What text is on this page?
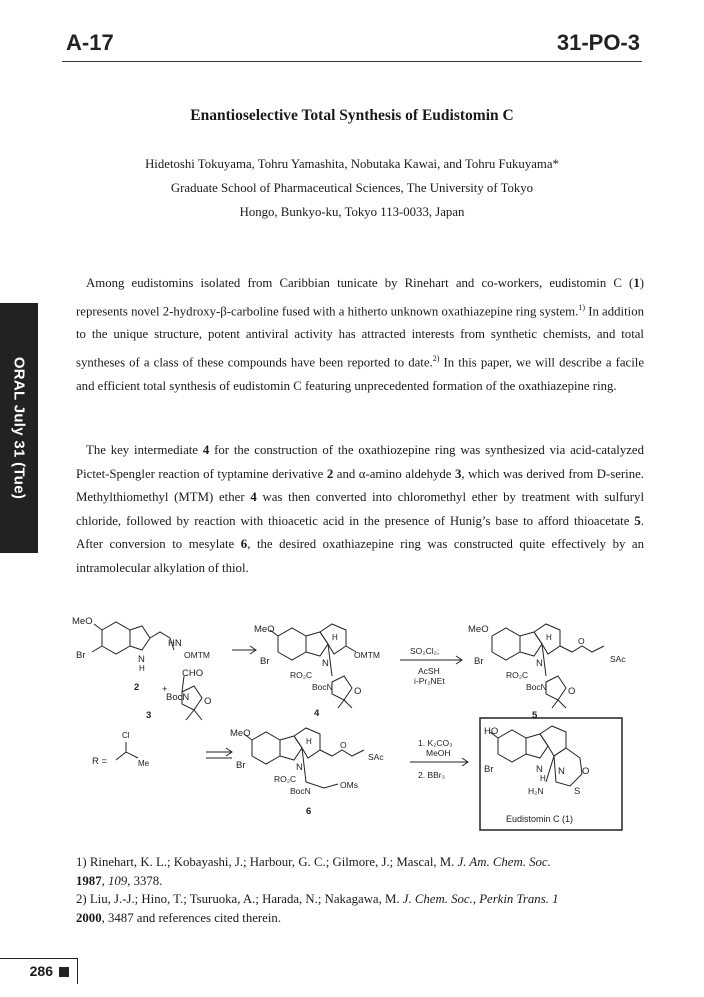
A-17	31-PO-3
Enantioselective Total Synthesis of Eudistomin C
Hidetoshi Tokuyama, Tohru Yamashita, Nobutaka Kawai, and Tohru Fukuyama*
Graduate School of Pharmaceutical Sciences, The University of Tokyo
Hongo, Bunkyo-ku, Tokyo 113-0033, Japan
ORAL July 31 (Tue)

Among eudistomins isolated from Caribbian tunicate by Rinehart and co-workers, eudistomin C (1) represents novel 2-hydroxy-β-carboline fused with a hitherto unknown oxathiazepine ring system.$^{1)}$ In addition to the unique structure, potent antiviral activity has attracted interests from synthetic chemists, and total syntheses of a class of these compounds have been reported to date.$^{2)}$ In this paper, we will describe a facile and efficient total synthesis of eudistomin C featuring unprecedented formation of the oxathiazepine ring.

The key intermediate 4 for the construction of the oxathiozepine ring was synthesized via acid-catalyzed Pictet-Spengler reaction of typtamine derivative 2 and α-amino aldehyde 3, which was derived from D-serine. Methylthiomethyl (MTM) ether 4 was then converted into chloromethyl ether by treatment with sulfuryl chloride, followed by reaction with thioacetic acid in the presence of Hunig’s base to afford thioacetate 5. After conversion to mesylate 6, the desired oxathiazepine ring was constructed quite effectively by an intramolecular alkylation of thiol.

MeO
Br	N
H
HN
OMTM
2 +
CHO
BocN O
3
MeO
Br	N
H
OMTM
RO₂C
BocN O
4
SO₂Cl₂;
AcSH
i-Pr₂NEt
MeO
Br	N
H	O
SAc
RO₂C
BocN O
5
R =
Cl
Me
MeO
Br	N
H	O
SAc
RO₂C
BocN
OMs
6
1. K₂CO₃
MeOH
2. BBr₃
HO
Br	N
H
N O
H₂N	S
Eudistomin C (1)
1) Rinehart, K. L.; Kobayashi, J.; Harbour, G. C.; Gilmore, J.; Mascal, M. J. Am. Chem. Soc.
1987, 109, 3378.
2) Liu, J.-J.; Hino, T.; Tsuruoka, A.; Harada, N.; Nakagawa, M. J. Chem. Soc., Perkin Trans. 1
2000, 3487 and references cited therein.
286
